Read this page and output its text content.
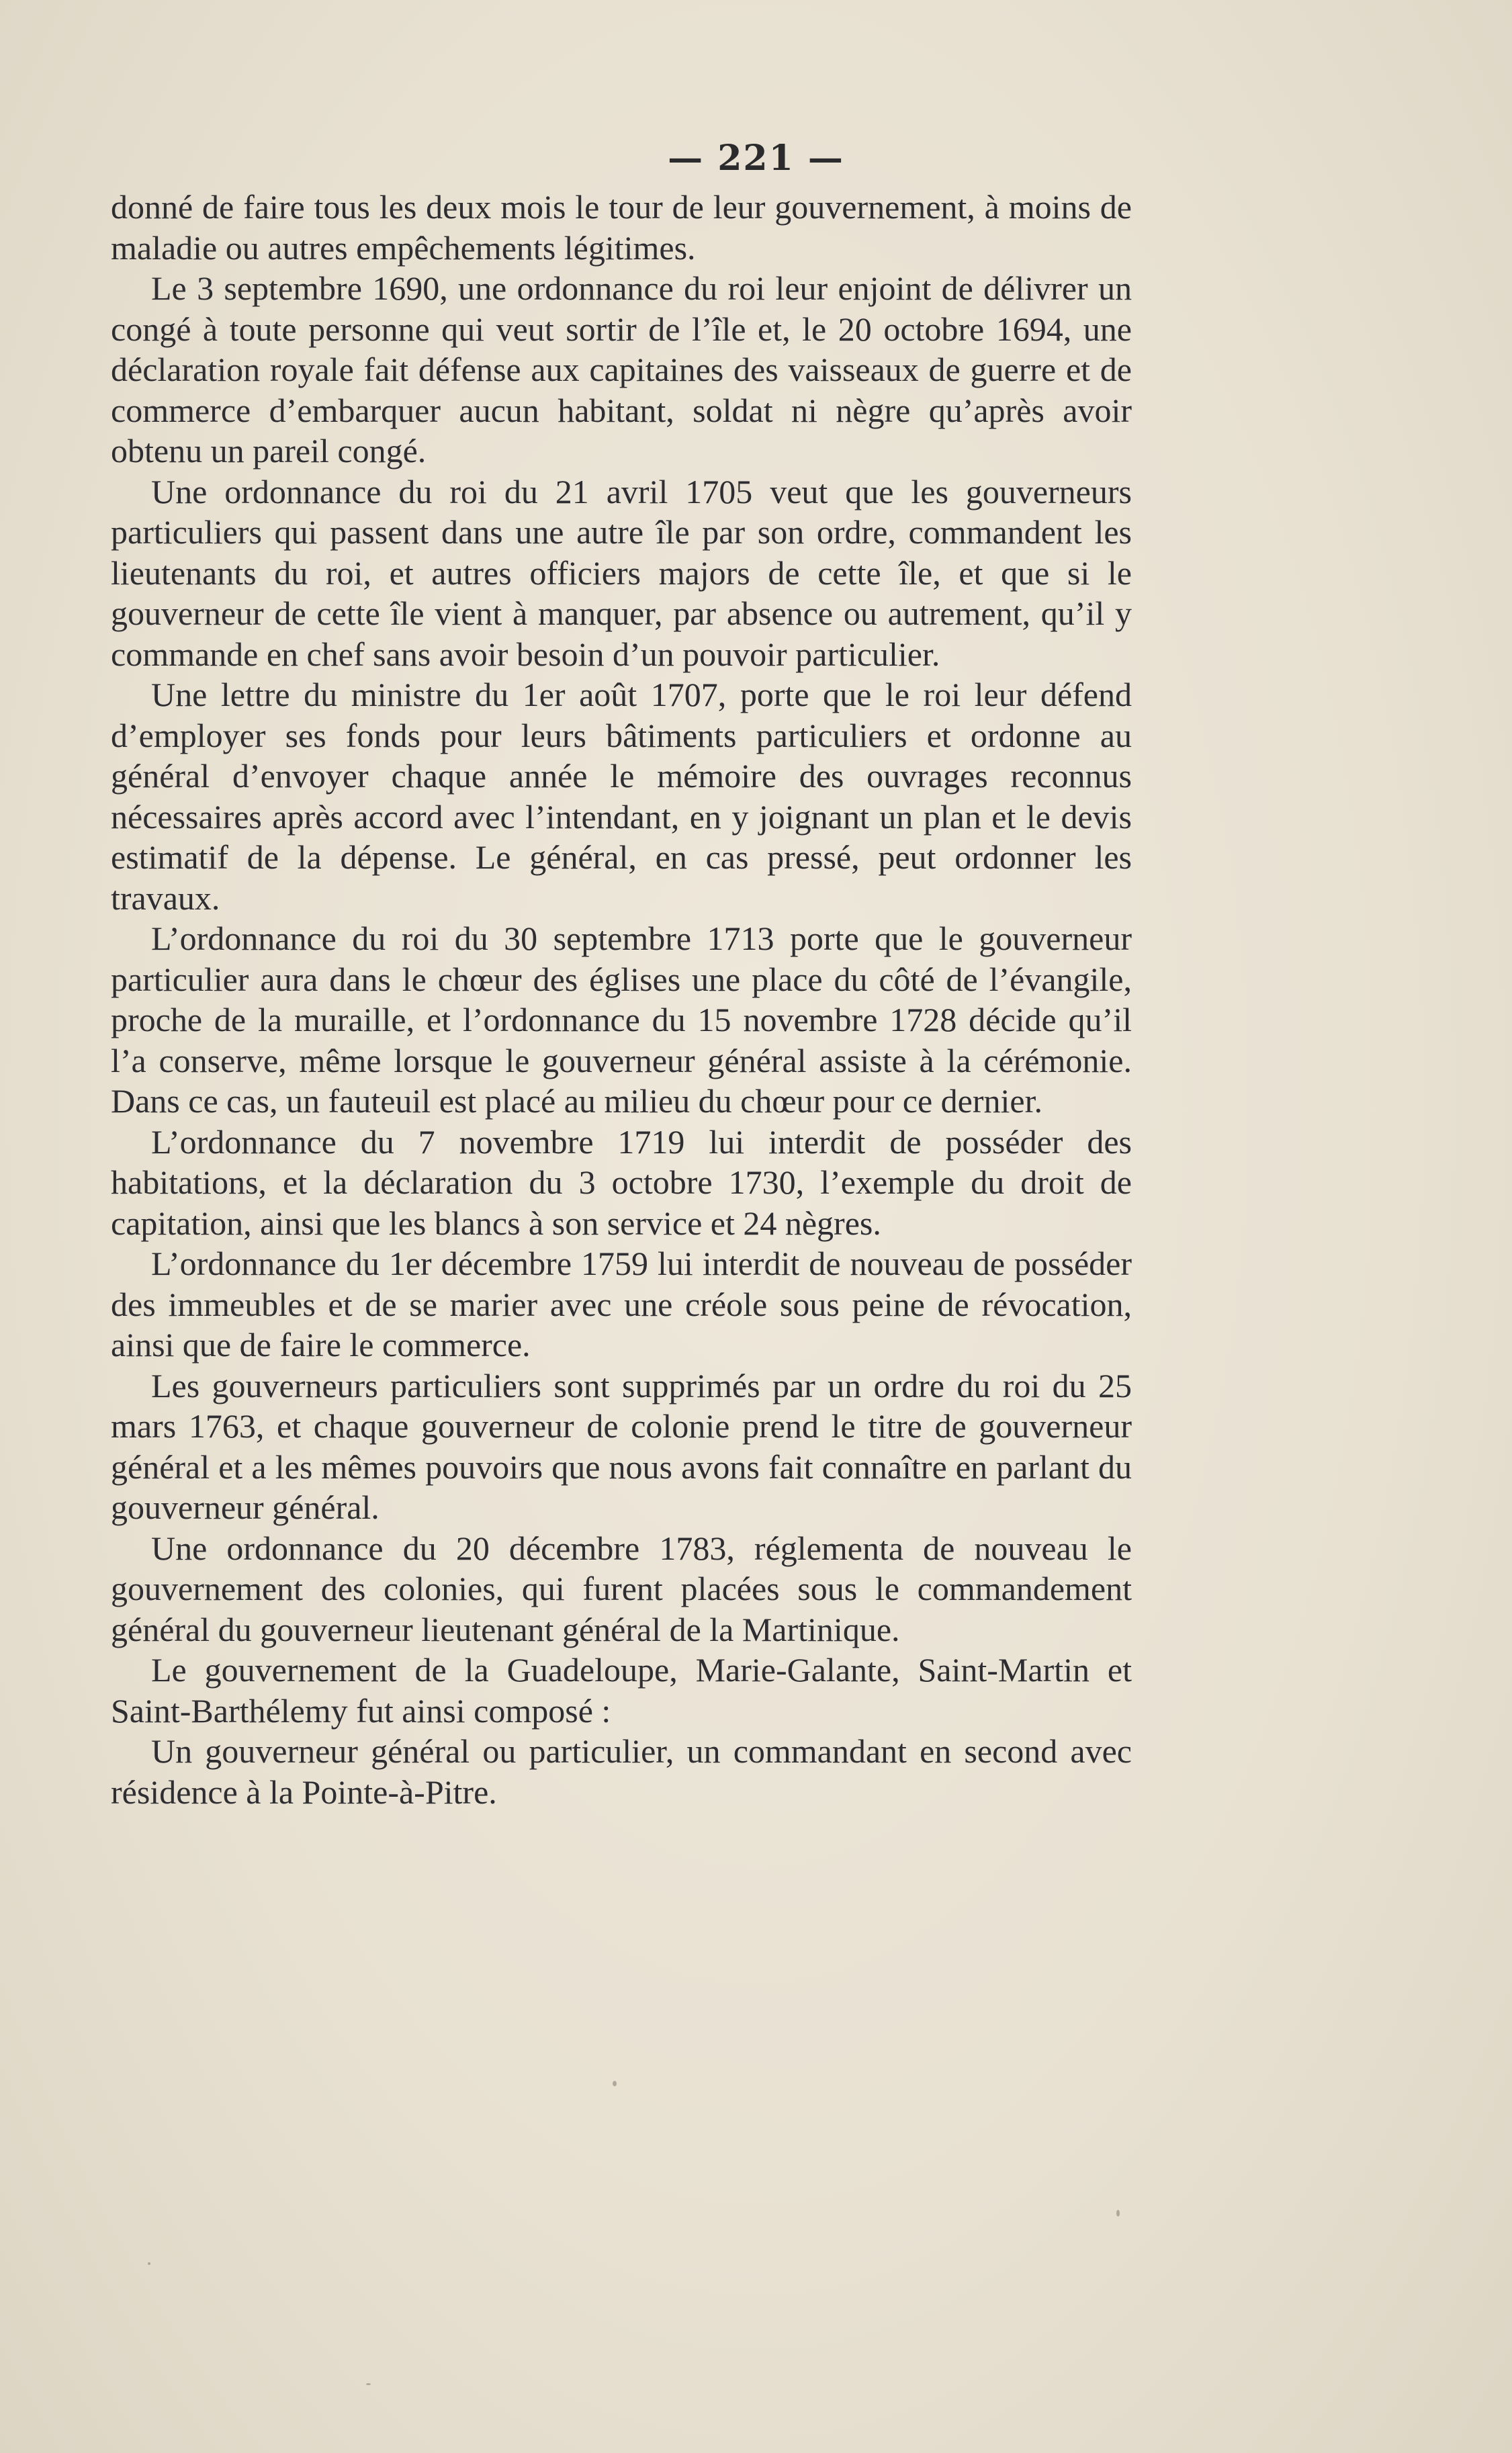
— 221 —

donné de faire tous les deux mois le tour de leur gouvernement, à moins de maladie ou autres empêchements légitimes.

Le 3 septembre 1690, une ordonnance du roi leur enjoint de délivrer un congé à toute personne qui veut sortir de l’île et, le 20 octobre 1694, une déclaration royale fait défense aux capitaines des vaisseaux de guerre et de commerce d’embarquer aucun habitant, soldat ni nègre qu’après avoir obtenu un pareil congé.

Une ordonnance du roi du 21 avril 1705 veut que les gouverneurs particuliers qui passent dans une autre île par son ordre, commandent les lieutenants du roi, et autres officiers majors de cette île, et que si le gouverneur de cette île vient à manquer, par absence ou autrement, qu’il y commande en chef sans avoir besoin d’un pouvoir particulier.

Une lettre du ministre du 1er août 1707, porte que le roi leur défend d’employer ses fonds pour leurs bâtiments particuliers et ordonne au général d’envoyer chaque année le mémoire des ouvrages reconnus nécessaires après accord avec l’intendant, en y joignant un plan et le devis estimatif de la dépense. Le général, en cas pressé, peut ordonner les travaux.

L’ordonnance du roi du 30 septembre 1713 porte que le gouverneur particulier aura dans le chœur des églises une place du côté de l’évangile, proche de la muraille, et l’ordonnance du 15 novembre 1728 décide qu’il l’a conserve, même lorsque le gouverneur général assiste à la cérémonie. Dans ce cas, un fauteuil est placé au milieu du chœur pour ce dernier.

L’ordonnance du 7 novembre 1719 lui interdit de posséder des habitations, et la déclaration du 3 octobre 1730, l’exemple du droit de capitation, ainsi que les blancs à son service et 24 nègres.

L’ordonnance du 1er décembre 1759 lui interdit de nouveau de posséder des immeubles et de se marier avec une créole sous peine de révocation, ainsi que de faire le commerce.

Les gouverneurs particuliers sont supprimés par un ordre du roi du 25 mars 1763, et chaque gouverneur de colonie prend le titre de gouverneur général et a les mêmes pouvoirs que nous avons fait connaître en parlant du gouverneur général.

Une ordonnance du 20 décembre 1783, réglementa de nouveau le gouvernement des colonies, qui furent placées sous le commandement général du gouverneur lieutenant général de la Martinique.

Le gouvernement de la Guadeloupe, Marie-Galante, Saint-Martin et Saint-Barthélemy fut ainsi composé :

Un gouverneur général ou particulier, un commandant en second avec résidence à la Pointe-à-Pitre.
